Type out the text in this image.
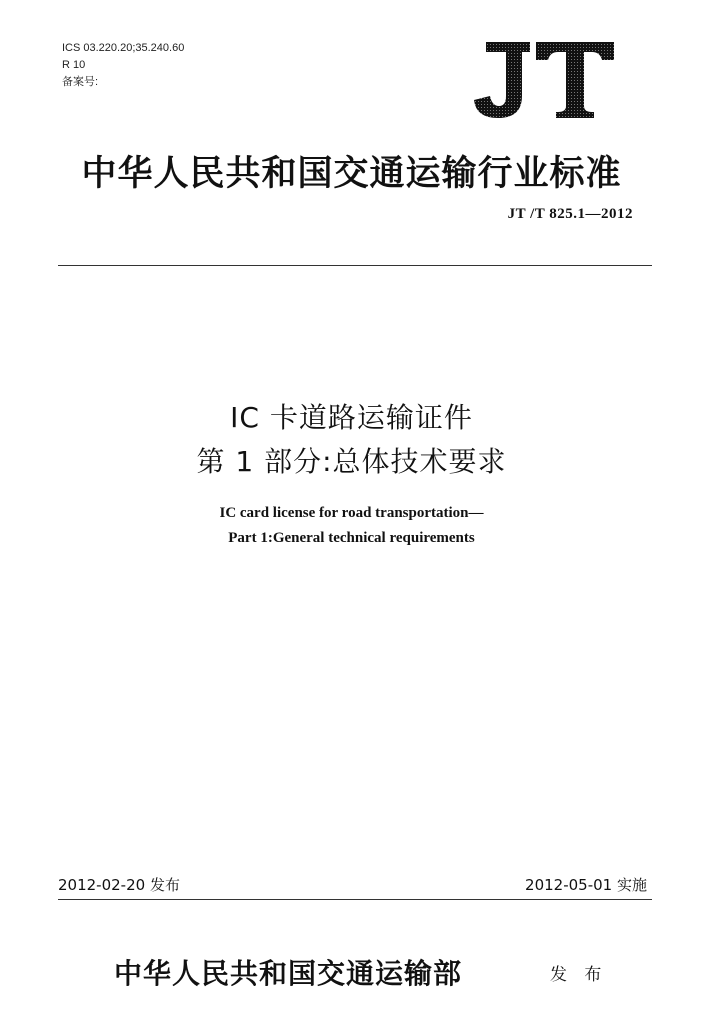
ICS 03.220.20;35.240.60
R 10
备案号:
中华人民共和国交通运输行业标准
JT /T 825.1—2012
IC 卡道路运输证件
第 1 部分:总体技术要求
IC card license for road transportation—
Part 1:General technical requirements
2012-02-20 发布	2012-05-01 实施
中华人民共和国交通运输部	发 布
